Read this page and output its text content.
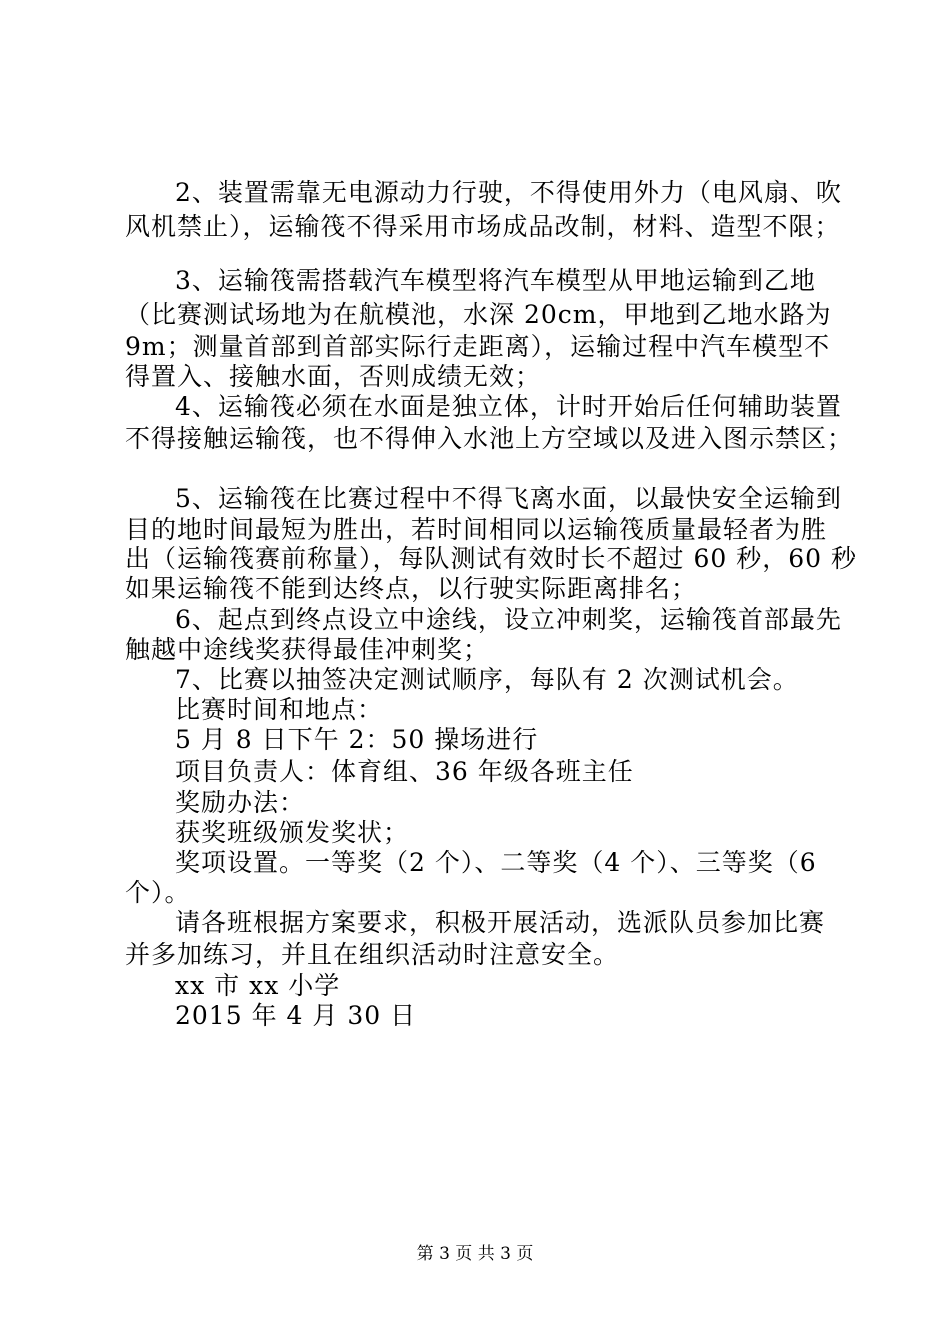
2、装置需靠无电源动力行驶，不得使用外力（电风扇、吹
风机禁止），运输筏不得采用市场成品改制，材料、造型不限；
3、运输筏需搭载汽车模型将汽车模型从甲地运输到乙地
（比赛测试场地为在航模池，水深 20cm，甲地到乙地水路为
9m；测量首部到首部实际行走距离），运输过程中汽车模型不
得置入、接触水面，否则成绩无效；
4、运输筏必须在水面是独立体，计时开始后任何辅助装置
不得接触运输筏，也不得伸入水池上方空域以及进入图示禁区；
5、运输筏在比赛过程中不得飞离水面，以最快安全运输到
目的地时间最短为胜出，若时间相同以运输筏质量最轻者为胜
出（运输筏赛前称量），每队测试有效时长不超过 60 秒，60 秒
如果运输筏不能到达终点，以行驶实际距离排名；
6、起点到终点设立中途线，设立冲刺奖，运输筏首部最先
触越中途线奖获得最佳冲刺奖；
7、比赛以抽签决定测试顺序，每队有 2 次测试机会。
比赛时间和地点：
5 月 8 日下午 2：50 操场进行
项目负责人：体育组、36 年级各班主任
奖励办法：
获奖班级颁发奖状；
奖项设置。一等奖（2 个）、二等奖（4 个）、三等奖（6
个）。
请各班根据方案要求，积极开展活动，选派队员参加比赛
并多加练习，并且在组织活动时注意安全。
xx 市 xx 小学
2015 年 4 月 30 日
第 3 页 共 3 页
